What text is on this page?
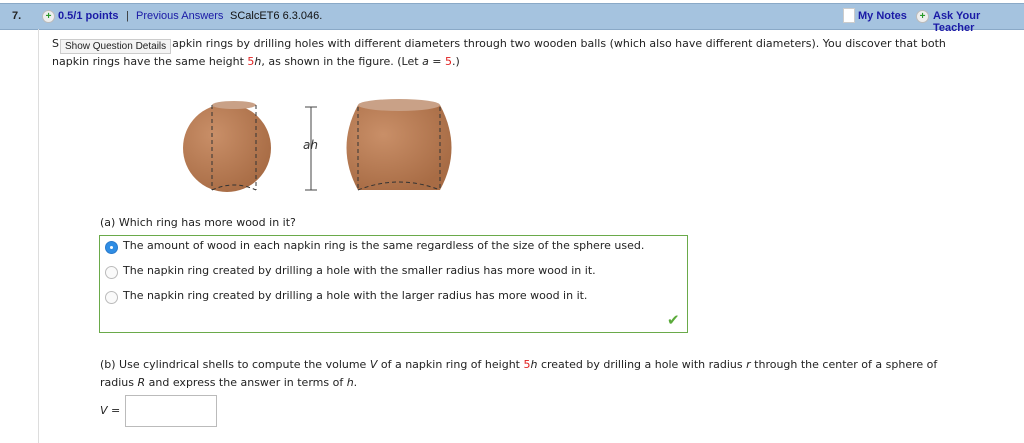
7.	+ 0.5/1 points | Previous Answers SCalcET6 6.3.046.	My Notes	+ Ask Your Teacher
S Show Question Details apkin rings by drilling holes with different diameters through two wooden balls (which also have different diameters). You discover that both
napkin rings have the same height 5h, as shown in the figure. (Let a = 5.)
ah
(a) Which ring has more wood in it?
The amount of wood in each napkin ring is the same regardless of the size of the sphere used.
The napkin ring created by drilling a hole with the smaller radius has more wood in it.
The napkin ring created by drilling a hole with the larger radius has more wood in it.
✔
(b) Use cylindrical shells to compute the volume V of a napkin ring of height 5h created by drilling a hole with radius r through the center of a sphere of
radius R and express the answer in terms of h.
V =
